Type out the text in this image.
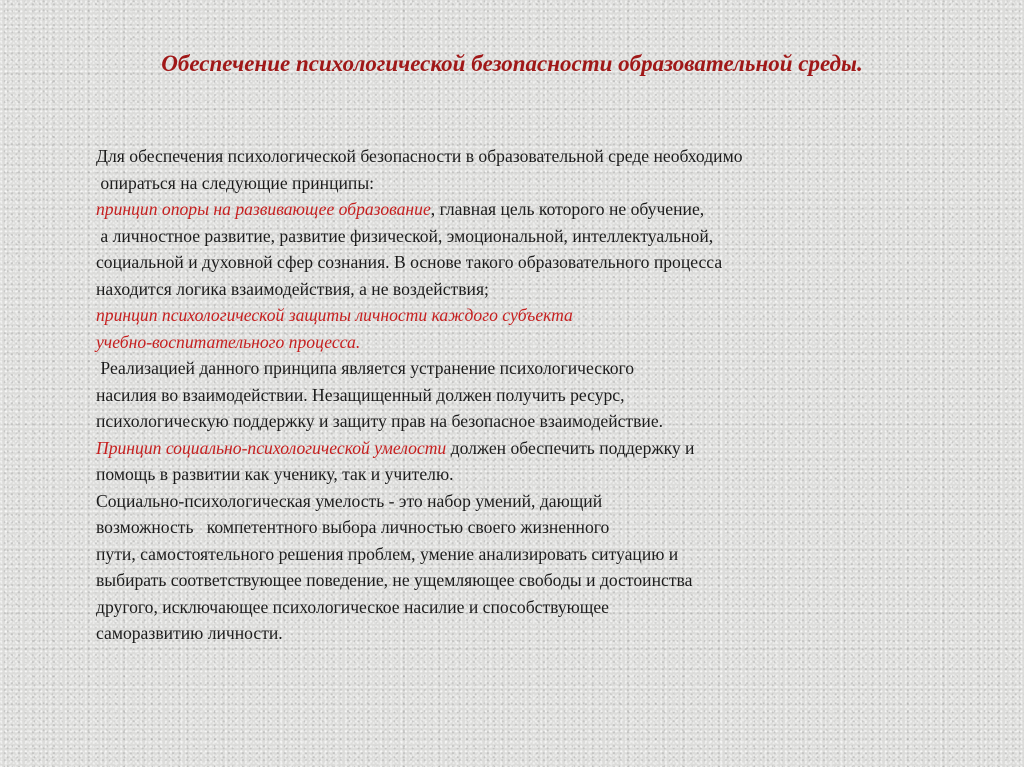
Обеспечение психологической безопасности образовательной среды.
Для обеспечения психологической безопасности в образовательной среде необходимо
опираться на следующие принципы:
принцип опоры на развивающее образование, главная цель которого не обучение,
а личностное развитие, развитие физической, эмоциональной, интеллектуальной,
социальной и духовной сфер сознания. В основе такого образовательного процесса
находится логика взаимодействия, а не воздействия;
принцип психологической защиты личности каждого субъекта
учебно-воспитательного процесса.
Реализацией данного принципа является устранение психологического
насилия во взаимодействии. Незащищенный должен получить ресурс,
психологическую поддержку и защиту прав на безопасное взаимодействие.
Принцип социально-психологической умелости должен обеспечить поддержку и
помощь в развитии как ученику, так и учителю.
Социально-психологическая умелость - это набор умений, дающий
возможность   компетентного выбора личностью своего жизненного
пути, самостоятельного решения проблем, умение анализировать ситуацию и
выбирать соответствующее поведение, не ущемляющее свободы и достоинства
другого, исключающее психологическое насилие и способствующее
саморазвитию личности.
